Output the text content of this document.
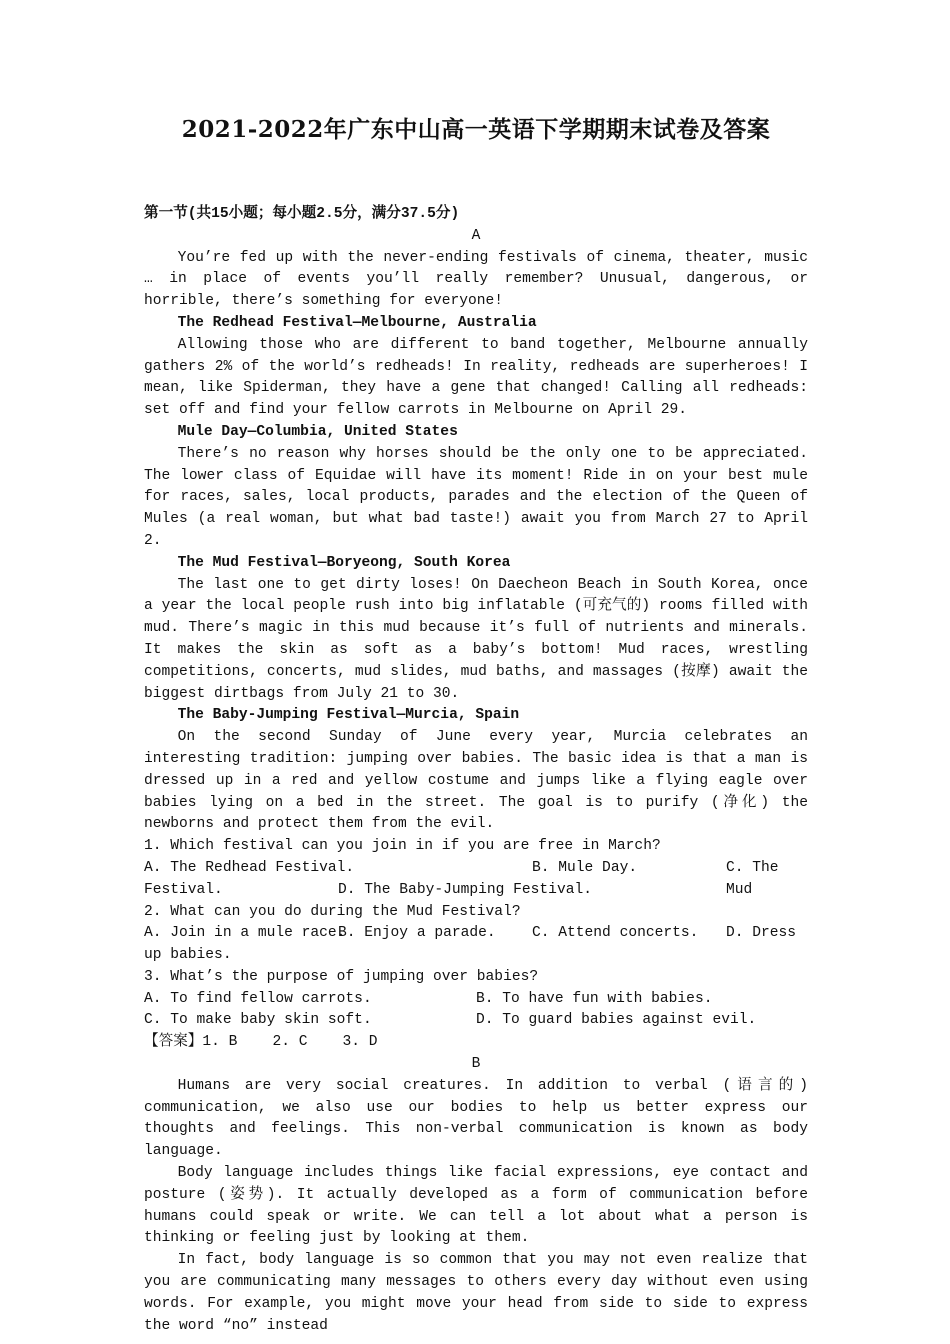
2021-2022年广东中山高一英语下学期期末试卷及答案

第一节(共15小题；每小题2.5分，满分37.5分)

A

You’re fed up with the never-ending festivals of cinema, theater, music … in place of events you’ll really remember? Unusual, dangerous, or horrible, there’s something for everyone!

The Redhead Festival—Melbourne, Australia

Allowing those who are different to band together, Melbourne annually gathers 2% of the world’s redheads! In reality, redheads are superheroes! I mean, like Spiderman, they have a gene that changed! Calling all redheads: set off and find your fellow carrots in Melbourne on April 29.

Mule Day—Columbia, United States

There’s no reason why horses should be the only one to be appreciated. The lower class of Equidae will have its moment! Ride in on your best mule for races, sales, local products, parades and the election of the Queen of Mules (a real woman, but what bad taste!) await you from March 27 to April 2.

The Mud Festival—Boryeong, South Korea

The last one to get dirty loses! On Daecheon Beach in South Korea, once a year the local people rush into big inflatable (可充气的) rooms filled with mud. There’s magic in this mud because it’s full of nutrients and minerals. It makes the skin as soft as a baby’s bottom! Mud races, wrestling competitions, concerts, mud slides, mud baths, and massages (按摩) await the biggest dirtbags from July 21 to 30.

The Baby-Jumping Festival—Murcia, Spain

On the second Sunday of June every year, Murcia celebrates an interesting tradition: jumping over babies. The basic idea is that a man is dressed up in a red and yellow costume and jumps like a flying eagle over babies lying on a bed in the street. The goal is to purify (净化) the newborns and protect them from the evil.

1. Which festival can you join in if you are free in March?

A. The Redhead Festival.	B. Mule Day.	C. The Mud
Festival.	D. The Baby-Jumping Festival.

2. What can you do during the Mud Festival?

A. Join in a mule race.
B. Enjoy a parade. C. Attend concerts. D. Dress
up babies.

3. What’s the purpose of jumping over babies?

A. To find fellow carrots.	B. To have fun with babies.
C. To make baby skin soft.	D. To guard babies against evil.

【答案】1. B    2. C    3. D

B

Humans are very social creatures. In addition to verbal (语言的) communication, we also use our bodies to help us better express our thoughts and feelings. This non-verbal communication is known as body language.

Body language includes things like facial expressions, eye contact and posture (姿势). It actually developed as a form of communication before humans could speak or write. We can tell a lot about what a person is thinking or feeling just by looking at them.

In fact, body language is so common that you may not even realize that you are communicating many messages to others every day without even using words. For example, you might move your head from side to side to express the word “no” instead
